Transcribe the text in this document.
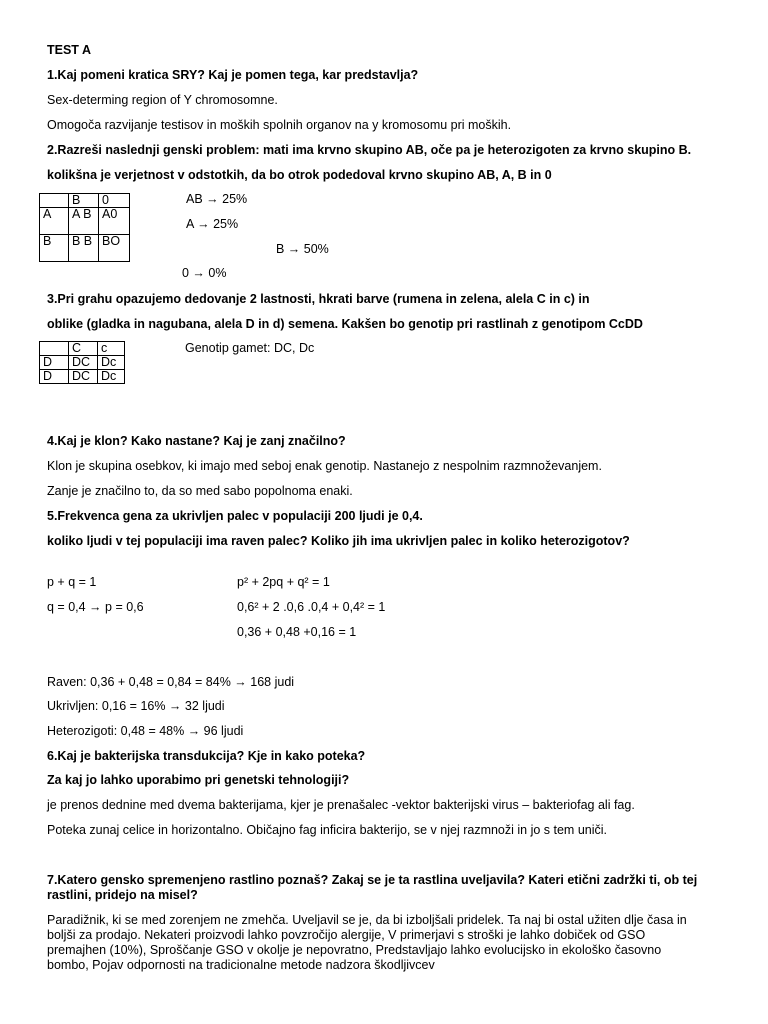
TEST A
1.Kaj pomeni kratica SRY? Kaj je pomen tega, kar predstavlja?
Sex-determing region of Y chromosomne.
Omogoča razvijanje testisov in moških spolnih organov na y kromosomu pri moških.
2.Razreši naslednji genski problem: mati ima krvno skupino AB, oče pa je heterozigoten za krvno skupino B.
kolikšna je verjetnost v odstotkih, da bo otrok podedoval krvno skupino AB, A, B in 0
	B	0
A	A B	A0
B	B B	BO
AB → 25%
A → 25%
B → 50%
0 → 0%
3.Pri grahu opazujemo dedovanje 2 lastnosti, hkrati barve (rumena in zelena, alela C in c) in
oblike (gladka in nagubana, alela D in d) semena. Kakšen bo genotip pri rastlinah z genotipom CcDD
	C	c
D	DC	Dc
D	DC	Dc
Genotip gamet: DC, Dc
4.Kaj je klon? Kako nastane? Kaj je zanj značilno?
Klon je skupina osebkov, ki imajo med seboj enak genotip. Nastanejo z nespolnim razmnoževanjem.
Zanje je značilno to, da so med sabo popolnoma enaki.
5.Frekvenca gena za ukrivljen palec v populaciji 200 ljudi je 0,4.
koliko ljudi v tej populaciji ima raven palec? Koliko jih ima ukrivljen palec in koliko heterozigotov?
p + q = 1
q = 0,4 → p = 0,6
p² + 2pq + q² = 1
0,6² + 2 .0,6 .0,4 + 0,4² = 1
0,36 + 0,48 +0,16 = 1
Raven: 0,36 + 0,48 = 0,84 = 84% → 168 judi
Ukrivljen: 0,16 = 16% → 32 ljudi
Heterozigoti: 0,48 = 48% → 96 ljudi
6.Kaj je bakterijska transdukcija? Kje in kako poteka?
Za kaj jo lahko uporabimo pri genetski tehnologiji?
je prenos dednine med dvema bakterijama, kjer je prenašalec -vektor bakterijski virus – bakteriofag ali fag.
Poteka zunaj celice in horizontalno. Običajno fag inficira bakterijo, se v njej razmnoži in jo s tem uniči.
7.Katero gensko spremenjeno rastlino poznaš? Zakaj se je ta rastlina uveljavila? Kateri etični zadržki ti, ob tej
rastlini, pridejo na misel?
Paradižnik, ki se med zorenjem ne zmehča. Uveljavil se je, da bi izboljšali pridelek. Ta naj bi ostal užiten dlje časa in
boljši za prodajo. Nekateri proizvodi lahko povzročijo alergije, V primerjavi s stroški je lahko dobiček od GSO
premajhen (10%), Sproščanje GSO v okolje je nepovratno, Predstavljajo lahko evolucijsko in ekološko časovno
bombo, Pojav odpornosti na tradicionalne metode nadzora škodljivcev
